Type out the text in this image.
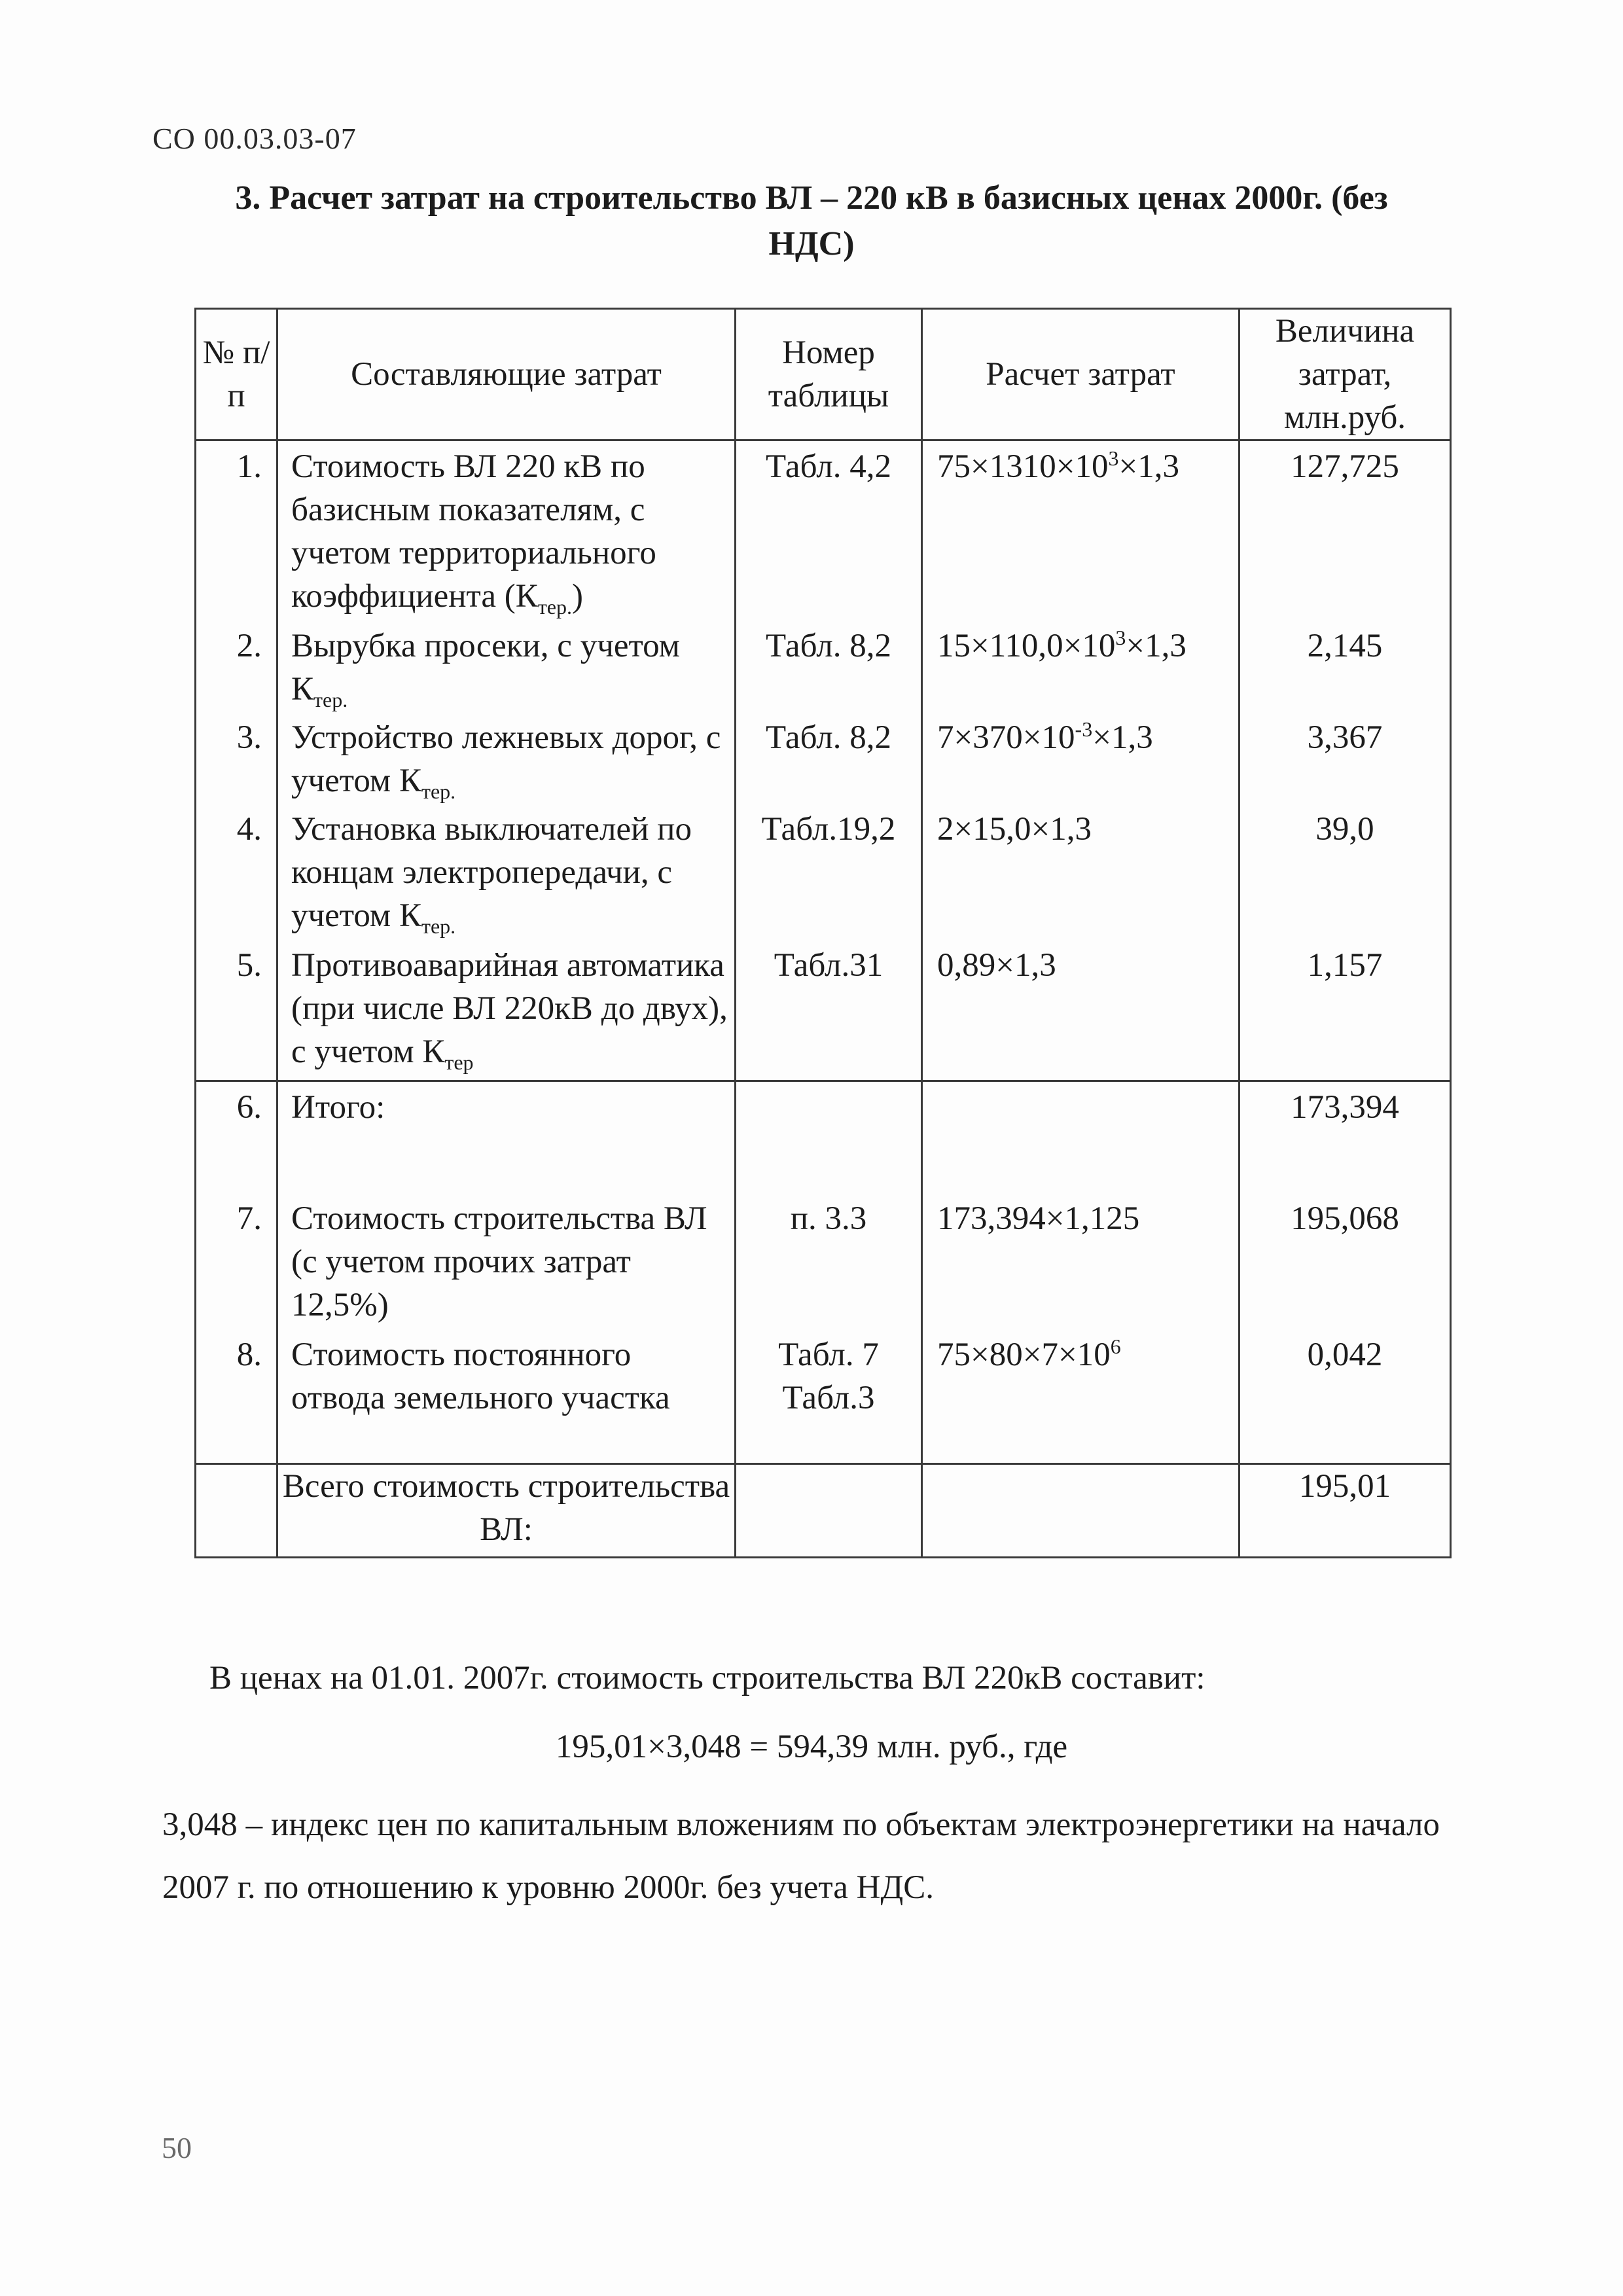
СО 00.03.03-07
3. Расчет затрат на строительство ВЛ – 220 кВ в базисных ценах 2000г. (без НДС)
№ п/п	Составляющие затрат	Номер таблицы	Расчет затрат	Величина затрат, млн.руб.
1.	Стоимость ВЛ 220 кВ по базисным показателям, с учетом территориального коэффициента $(К_{тер.})$	Табл. 4,2	$75\times 1310\times 10^3\times 1,3$	127,725
2.	Вырубка просеки, с учетом $К_{тер.}$	Табл. 8,2	$15\times 110,0\times 10^3\times 1,3$	2,145
3.	Устройство лежневых дорог, с учетом $К_{тер.}$	Табл. 8,2	$7\times 370\times 10^{-3}\times 1,3$	3,367
4.	Установка выключателей по концам электропередачи, с учетом $К_{тер.}$	Табл.19,2	2×15,0×1,3	39,0
5.	Противоаварийная автоматика (при числе ВЛ 220кВ до двух), с учетом $К_{тер}$	Табл.31	0,89×1,3	1,157
6.	Итого:			173,394
7.	Стоимость строительства ВЛ (с учетом прочих затрат 12,5%)	п. 3.3	173,394×1,125	195,068
8.	Стоимость постоянного отвода земельного участка	Табл. 7 Табл.3	$75\times 80\times 7\times 10^6$	0,042
	Всего стоимость строительства ВЛ:			195,01
В ценах на 01.01. 2007г. стоимость строительства ВЛ 220кВ составит:
195,01×3,048 = 594,39 млн. руб., где
3,048 – индекс цен по капитальным вложениям по объектам электроэнергетики на начало 2007 г. по отношению к уровню 2000г. без учета НДС.
50
